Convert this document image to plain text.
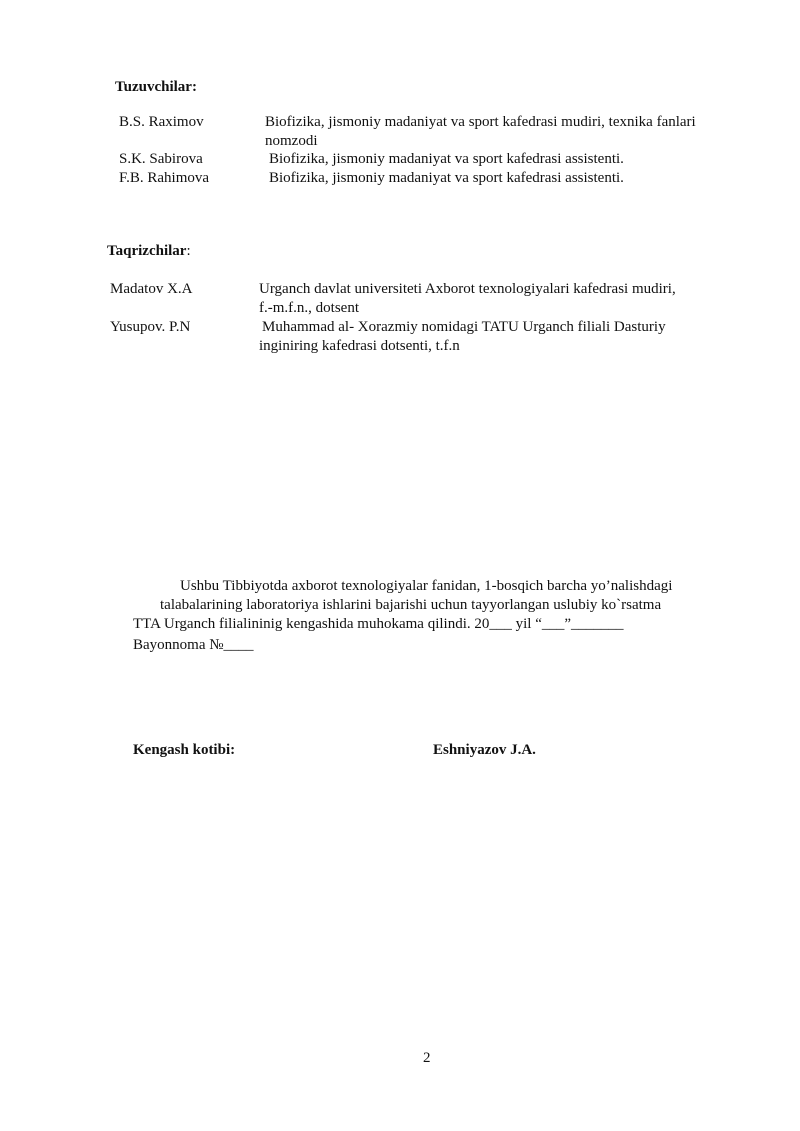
Tuzuvchilar:
B.S. Raximov	Biofizika, jismoniy madaniyat va sport kafedrasi mudiri, texnika fanlari nomzodi
S.K. Sabirova	Biofizika, jismoniy madaniyat va sport kafedrasi assistenti.
F.B. Rahimova	Biofizika, jismoniy madaniyat va sport kafedrasi assistenti.
Taqrizchilar:
Madatov X.A	Urganch davlat universiteti Axborot texnologiyalari kafedrasi mudiri,
f.-m.f.n., dotsent
Yusupov. P.N	Muhammad al- Xorazmiy nomidagi TATU Urganch filiali Dasturiy
inginiring kafedrasi dotsenti, t.f.n
Ushbu Tibbiyotda axborot texnologiyalar fanidan, 1-bosqich barcha yo’nalishdagi
talabalarining laboratoriya ishlarini bajarishi uchun tayyorlangan uslubiy ko`rsatma
TTA Urganch filialininig kengashida muhokama qilindi. 20___ yil “___”_______
Bayonnoma №____
Kengash kotibi:	Eshniyazov J.A.
2
